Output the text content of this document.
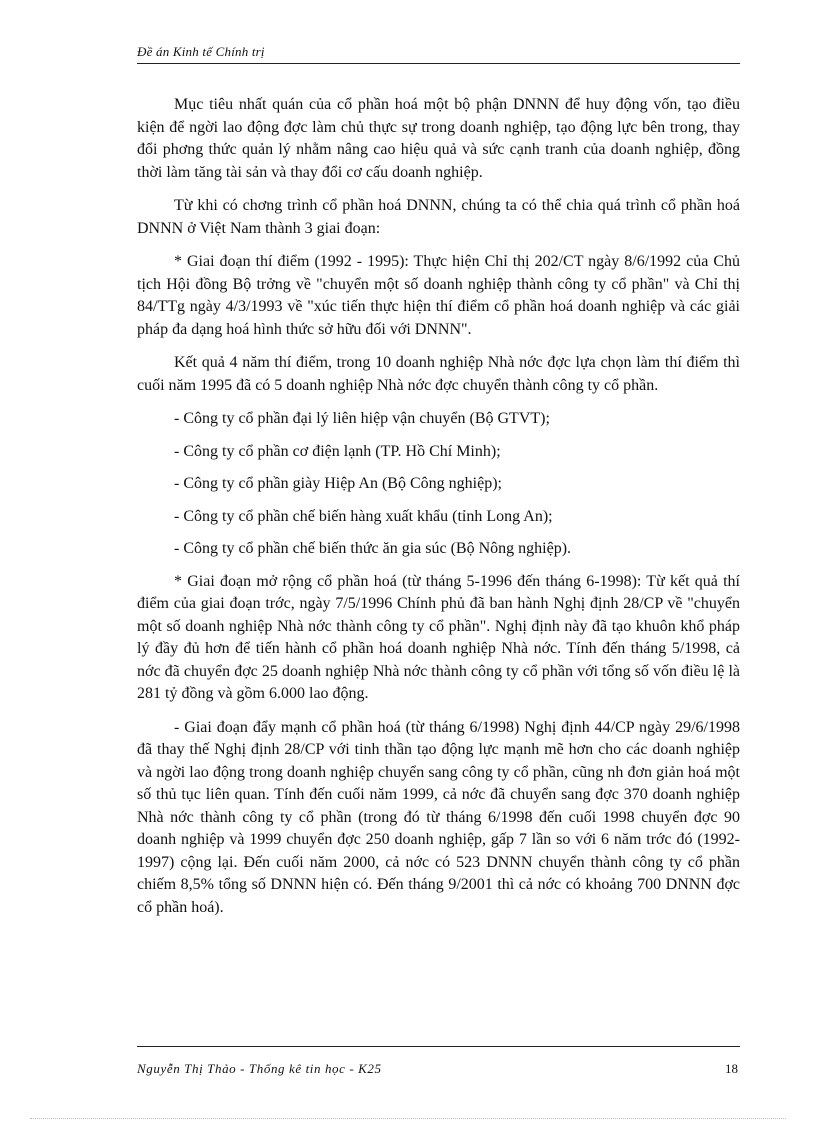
Đề án Kinh tế Chính trị

Mục tiêu nhất quán của cổ phần hoá một bộ phận DNNN để huy động vốn, tạo điều kiện để ngời lao động đợc làm chủ thực sự trong doanh nghiệp, tạo động lực bên trong, thay đổi phơng thức quản lý nhằm nâng cao hiệu quả và sức cạnh tranh của doanh nghiệp, đồng thời làm tăng tài sản và thay đổi cơ cấu doanh nghiệp.

Từ khi có chơng trình cổ phần hoá DNNN, chúng ta có thể chia quá trình cổ phần hoá DNNN ở Việt Nam thành 3 giai đoạn:

* Giai đoạn thí điểm (1992 - 1995): Thực hiện Chỉ thị 202/CT ngày 8/6/1992 của Chủ tịch Hội đồng Bộ trởng về "chuyển một số doanh nghiệp thành công ty cổ phần" và Chỉ thị 84/TTg ngày 4/3/1993 về "xúc tiến thực hiện thí điểm cổ phần hoá doanh nghiệp và các giải pháp đa dạng hoá hình thức sở hữu đối với DNNN".

Kết quả 4 năm thí điểm, trong 10 doanh nghiệp Nhà nớc đợc lựa chọn làm thí điểm thì cuối năm 1995 đã có 5 doanh nghiệp Nhà nớc đợc chuyển thành công ty cổ phần.

- Công ty cổ phần đại lý liên hiệp vận chuyển (Bộ GTVT);

- Công ty cổ phần cơ điện lạnh (TP. Hồ Chí Minh);

- Công ty cổ phần giày Hiệp An (Bộ Công nghiệp);

- Công ty cổ phần chế biến hàng xuất khẩu (tỉnh Long An);

- Công ty cổ phần chế biến thức ăn gia súc (Bộ Nông nghiệp).

* Giai đoạn mở rộng cổ phần hoá (từ tháng 5-1996 đến tháng 6-1998): Từ kết quả thí điểm của giai đoạn trớc, ngày 7/5/1996 Chính phủ đã ban hành Nghị định 28/CP về "chuyển một số doanh nghiệp Nhà nớc thành công ty cổ phần". Nghị định này đã tạo khuôn khổ pháp lý đầy đủ hơn để tiến hành cổ phần hoá doanh nghiệp Nhà nớc. Tính đến tháng 5/1998, cả nớc đã chuyển đợc 25 doanh nghiệp Nhà nớc thành công ty cổ phần với tổng số vốn điều lệ là 281 tỷ đồng và gồm 6.000 lao động.

- Giai đoạn đẩy mạnh cổ phần hoá (từ tháng 6/1998) Nghị định 44/CP ngày 29/6/1998 đã thay thế Nghị định 28/CP với tinh thần tạo động lực mạnh mẽ hơn cho các doanh nghiệp và ngời lao động trong doanh nghiệp chuyển sang công ty cổ phần, cũng nh đơn giản hoá một số thủ tục liên quan. Tính đến cuối năm 1999, cả nớc đã chuyển sang đợc 370 doanh nghiệp Nhà nớc thành công ty cổ phần (trong đó từ tháng 6/1998 đến cuối 1998 chuyển đợc 90 doanh nghiệp và 1999 chuyển đợc 250 doanh nghiệp, gấp 7 lần so với 6 năm trớc đó (1992-1997) cộng lại. Đến cuối năm 2000, cả nớc có 523 DNNN chuyển thành công ty cổ phần chiếm 8,5% tổng số DNNN hiện có. Đến tháng 9/2001 thì cả nớc có khoảng 700 DNNN đợc cổ phần hoá).

Nguyễn Thị Thảo - Thống kê tin học - K25	18
